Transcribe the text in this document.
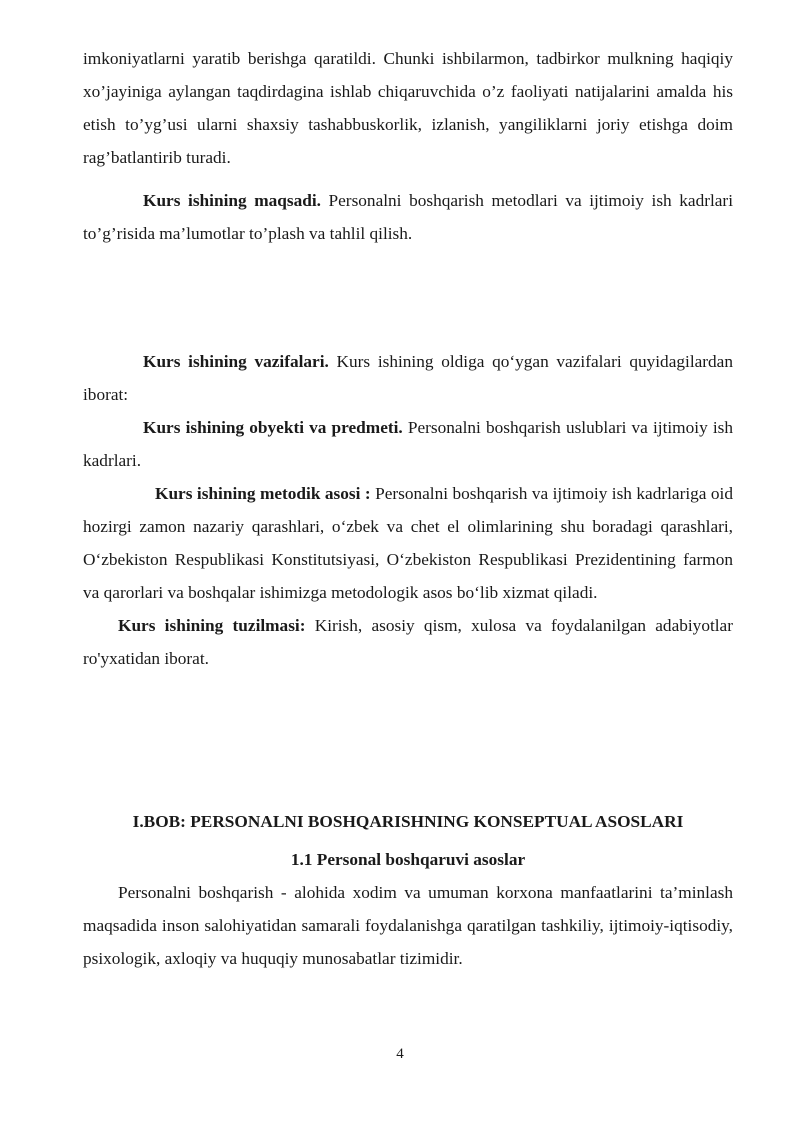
imkoniyatlarni yaratib berishga qaratildi. Chunki ishbilarmon, tadbirkor mulkning haqiqiy xo’jayiniga aylangan taqdirdagina ishlab chiqaruvchida o’z faoliyati natijalarini amalda his etish to’yg’usi ularni shaxsiy tashabbuskorlik, izlanish, yangiliklarni joriy etishga doim rag’batlantirib turadi.

Kurs ishining maqsadi. Personalni boshqarish metodlari va ijtimoiy ish kadrlari to’g’risida ma’lumotlar to’plash va tahlil qilish.

Kurs ishining vazifalari. Kurs ishining oldiga qo‘ygan vazifalari quyidagilardan iborat:

Kurs ishining obyekti va predmeti. Personalni boshqarish uslublari va ijtimoiy ish kadrlari.

Kurs ishining metodik asosi : Personalni boshqarish va ijtimoiy ish kadrlariga oid hozirgi zamon nazariy qarashlari, o‘zbek va chet el olimlarining shu boradagi qarashlari, O‘zbekiston Respublikasi Konstitutsiyasi, O‘zbekiston Respublikasi Prezidentining farmon va qarorlari va boshqalar ishimizga metodologik asos bo‘lib xizmat qiladi.

Kurs ishining tuzilmasi: Kirish, asosiy qism, xulosa va foydalanilgan adabiyotlar ro'yxatidan iborat.

I.BOB: PERSONALNI BOSHQARISHNING KONSEPTUAL ASOSLARI
1.1 Personal boshqaruvi asoslar

Personalni boshqarish - alohida xodim va umuman korxona manfaatlarini ta’minlash maqsadida inson salohiyatidan samarali foydalanishga qaratilgan tashkiliy, ijtimoiy-iqtisodiy, psixologik, axloqiy va huquqiy munosabatlar tizimidir.

4
